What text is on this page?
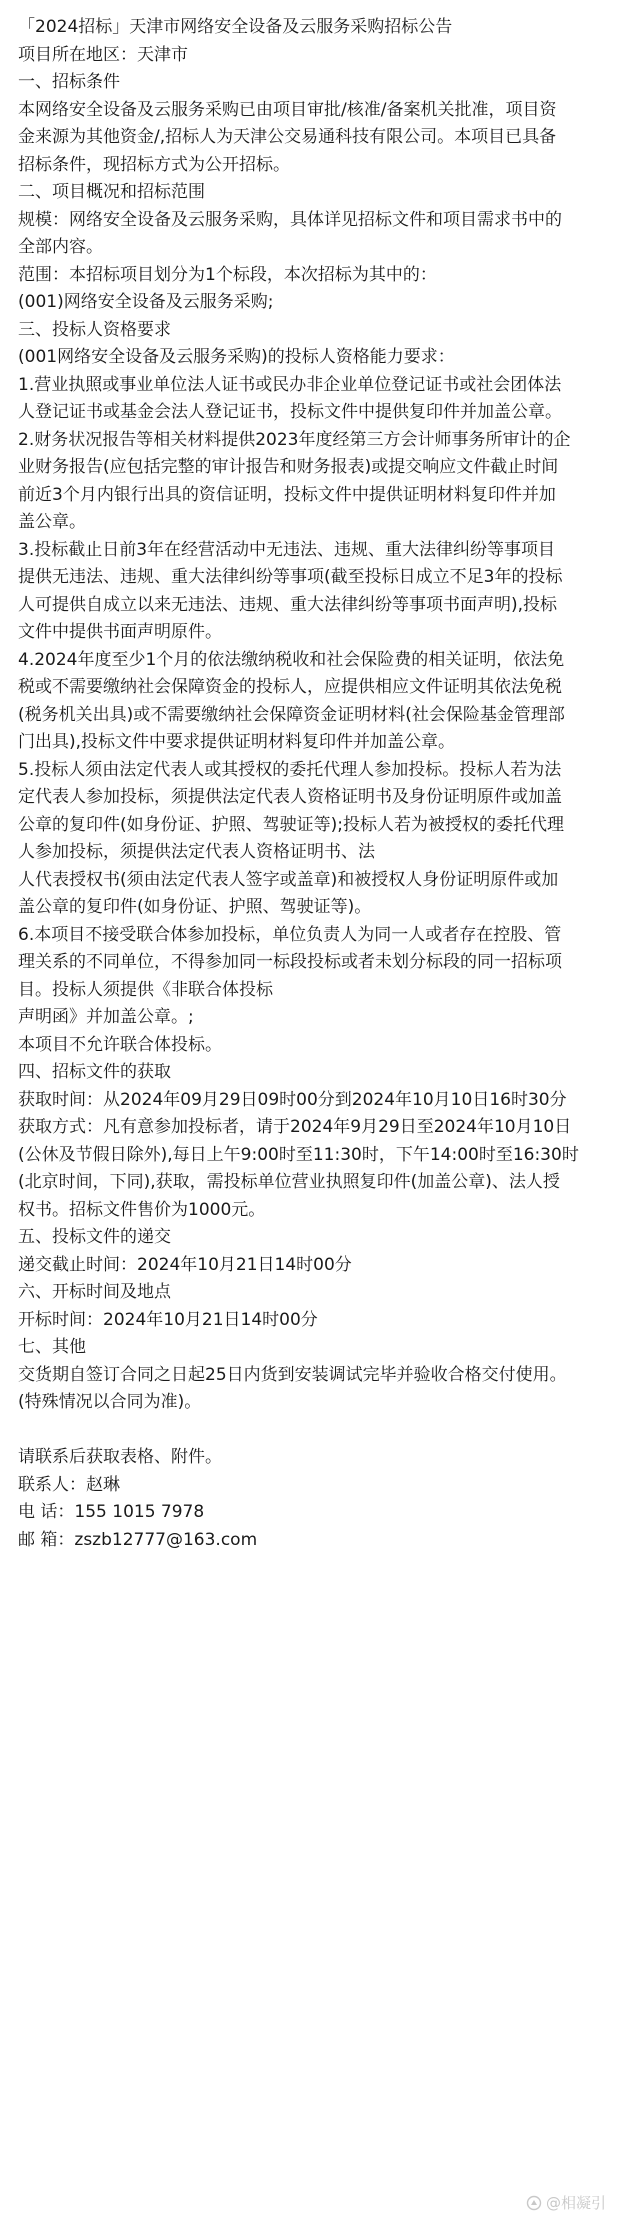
「2024招标」天津市网络安全设备及云服务采购招标公告
项目所在地区：天津市
一、招标条件
本网络安全设备及云服务采购已由项目审批/核准/备案机关批准，项目资
金来源为其他资金/,招标人为天津公交易通科技有限公司。本项目已具备
招标条件，现招标方式为公开招标。
二、项目概况和招标范围
规模：网络安全设备及云服务采购，具体详见招标文件和项目需求书中的
全部内容。
范围：本招标项目划分为1个标段，本次招标为其中的：
(001)网络安全设备及云服务采购;
三、投标人资格要求
(001网络安全设备及云服务采购)的投标人资格能力要求：
1.营业执照或事业单位法人证书或民办非企业单位登记证书或社会团体法
人登记证书或基金会法人登记证书，投标文件中提供复印件并加盖公章。
2.财务状况报告等相关材料提供2023年度经第三方会计师事务所审计的企
业财务报告(应包括完整的审计报告和财务报表)或提交响应文件截止时间
前近3个月内银行出具的资信证明，投标文件中提供证明材料复印件并加
盖公章。
3.投标截止日前3年在经营活动中无违法、违规、重大法律纠纷等事项目
提供无违法、违规、重大法律纠纷等事项(截至投标日成立不足3年的投标
人可提供自成立以来无违法、违规、重大法律纠纷等事项书面声明),投标
文件中提供书面声明原件。
4.2024年度至少1个月的依法缴纳税收和社会保险费的相关证明，依法免
税或不需要缴纳社会保障资金的投标人，应提供相应文件证明其依法免税
(税务机关出具)或不需要缴纳社会保障资金证明材料(社会保险基金管理部
门出具),投标文件中要求提供证明材料复印件并加盖公章。
5.投标人须由法定代表人或其授权的委托代理人参加投标。投标人若为法
定代表人参加投标，须提供法定代表人资格证明书及身份证明原件或加盖
公章的复印件(如身份证、护照、驾驶证等);投标人若为被授权的委托代理
人参加投标，须提供法定代表人资格证明书、法
人代表授权书(须由法定代表人签字或盖章)和被授权人身份证明原件或加
盖公章的复印件(如身份证、护照、驾驶证等)。
6.本项目不接受联合体参加投标，单位负责人为同一人或者存在控股、管
理关系的不同单位，不得参加同一标段投标或者未划分标段的同一招标项
目。投标人须提供《非联合体投标
声明函》并加盖公章。;
本项目不允许联合体投标。
四、招标文件的获取
获取时间：从2024年09月29日09时00分到2024年10月10日16时30分
获取方式：凡有意参加投标者，请于2024年9月29日至2024年10月10日
(公休及节假日除外),每日上午9:00时至11:30时，下午14:00时至16:30时
(北京时间，下同),获取，需投标单位营业执照复印件(加盖公章)、法人授
权书。招标文件售价为1000元。
五、投标文件的递交
递交截止时间：2024年10月21日14时00分
六、开标时间及地点
开标时间：2024年10月21日14时00分
七、其他
交货期自签订合同之日起25日内货到安装调试完毕并验收合格交付使用。
(特殊情况以合同为准)。
请联系后获取表格、附件。
联系人：赵琳
电 话：155 1015 7978
邮 箱：zszb12777@163.com
@相凝引
